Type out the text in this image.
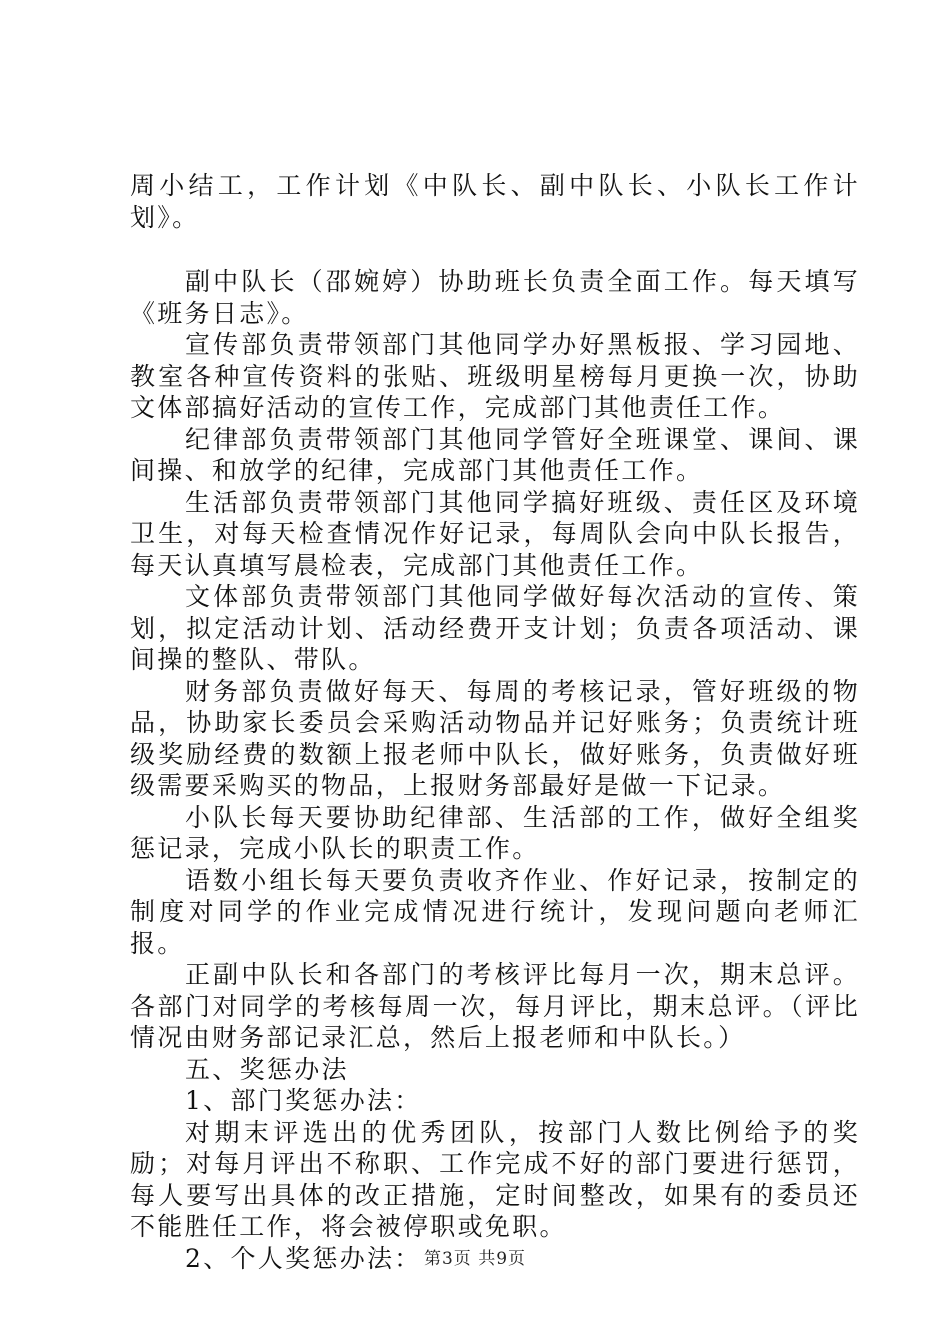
周小结工，工作计划《中队长、副中队长、小队长工作计划》。

副中队长（邵婉婷）协助班长负责全面工作。每天填写《班务日志》。

宣传部负责带领部门其他同学办好黑板报、学习园地、教室各种宣传资料的张贴、班级明星榜每月更换一次，协助文体部搞好活动的宣传工作，完成部门其他责任工作。

纪律部负责带领部门其他同学管好全班课堂、课间、课间操、和放学的纪律，完成部门其他责任工作。

生活部负责带领部门其他同学搞好班级、责任区及环境卫生，对每天检查情况作好记录，每周队会向中队长报告，每天认真填写晨检表，完成部门其他责任工作。

文体部负责带领部门其他同学做好每次活动的宣传、策划，拟定活动计划、活动经费开支计划；负责各项活动、课间操的整队、带队。

财务部负责做好每天、每周的考核记录，管好班级的物品，协助家长委员会采购活动物品并记好账务；负责统计班级奖励经费的数额上报老师中队长，做好账务，负责做好班级需要采购买的物品，上报财务部最好是做一下记录。

小队长每天要协助纪律部、生活部的工作，做好全组奖惩记录，完成小队长的职责工作。

语数小组长每天要负责收齐作业、作好记录，按制定的制度对同学的作业完成情况进行统计，发现问题向老师汇报。

正副中队长和各部门的考核评比每月一次，期末总评。各部门对同学的考核每周一次，每月评比，期末总评。（评比情况由财务部记录汇总，然后上报老师和中队长。）

五、奖惩办法

1、部门奖惩办法：

对期末评选出的优秀团队，按部门人数比例给予的奖励；对每月评出不称职、工作完成不好的部门要进行惩罚，每人要写出具体的改正措施，定时间整改，如果有的委员还不能胜任工作，将会被停职或免职。

2、个人奖惩办法： 第3页 共9页
